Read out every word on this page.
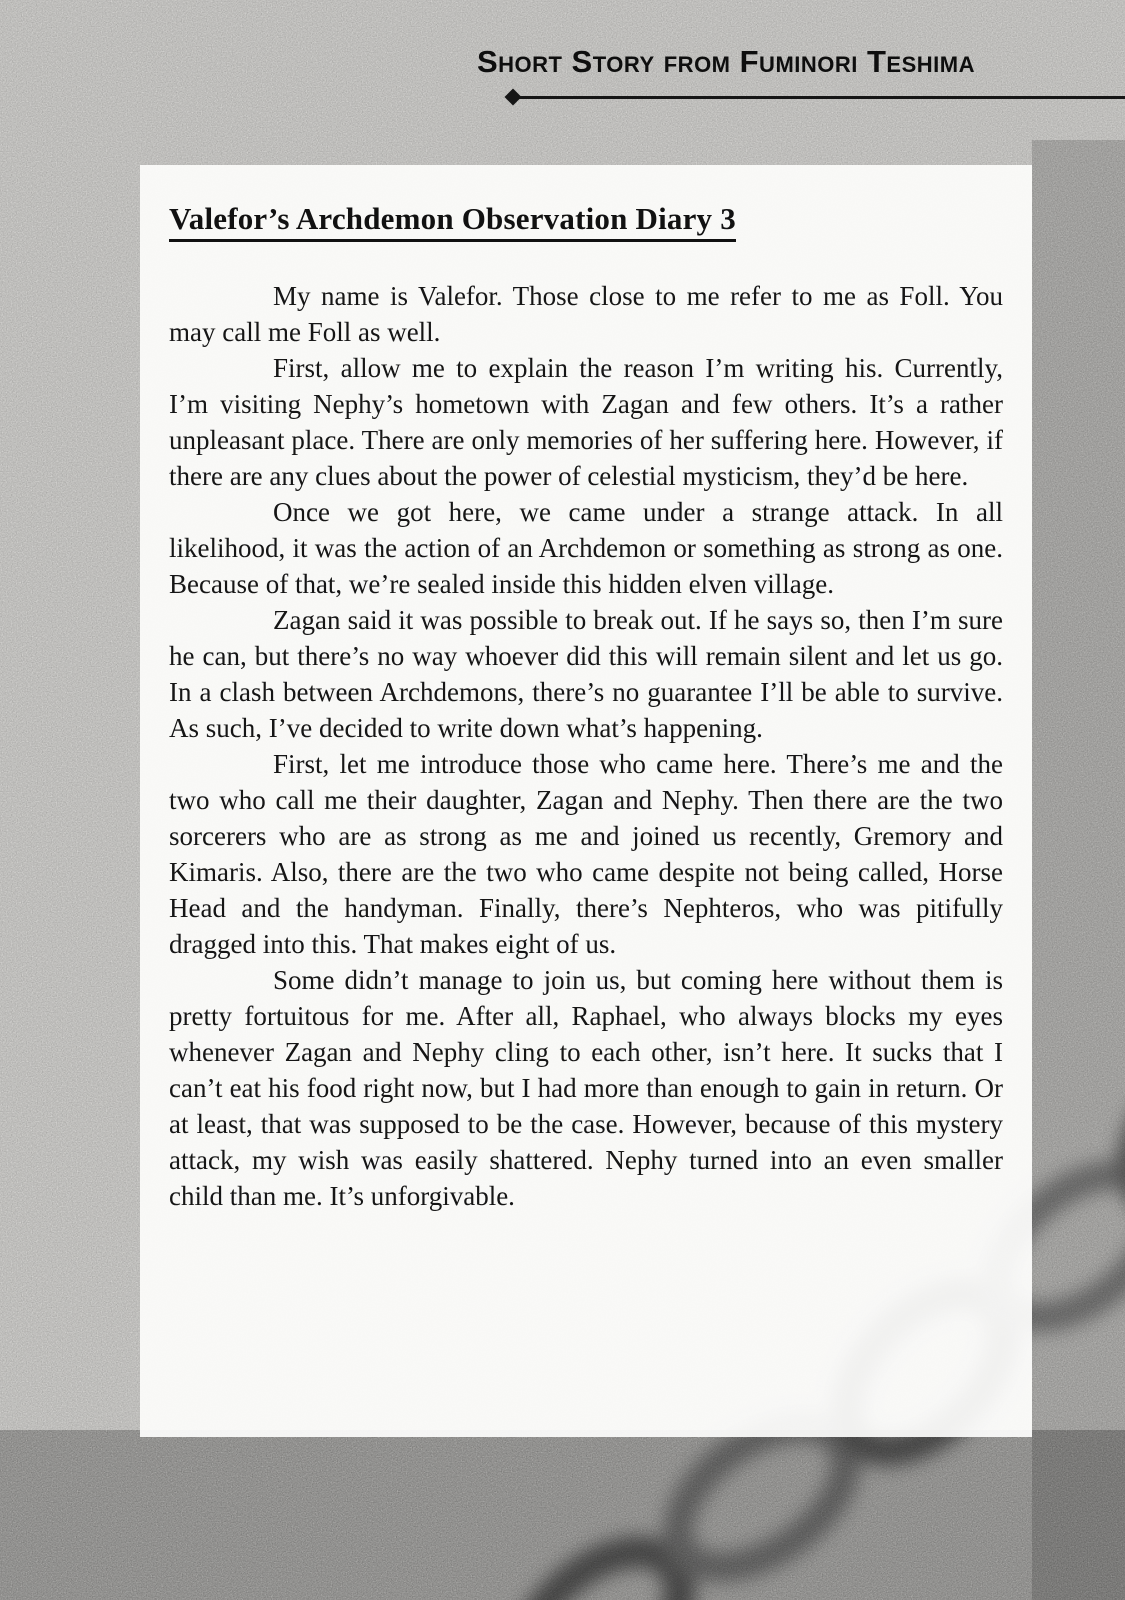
Short Story from Fuminori Teshima
Valefor’s Archdemon Observation Diary 3

My name is Valefor. Those close to me refer to me as Foll. You may call me Foll as well.

First, allow me to explain the reason I’m writing his. Currently, I’m visiting Nephy’s hometown with Zagan and few others. It’s a rather unpleasant place. There are only memories of her suffering here. However, if there are any clues about the power of celestial mysticism, they’d be here.

Once we got here, we came under a strange attack. In all likelihood, it was the action of an Archdemon or something as strong as one. Because of that, we’re sealed inside this hidden elven village.

Zagan said it was possible to break out. If he says so, then I’m sure he can, but there’s no way whoever did this will remain silent and let us go. In a clash between Archdemons, there’s no guarantee I’ll be able to survive. As such, I’ve decided to write down what’s happening.

First, let me introduce those who came here. There’s me and the two who call me their daughter, Zagan and Nephy. Then there are the two sorcerers who are as strong as me and joined us recently, Gremory and Kimaris. Also, there are the two who came despite not being called, Horse Head and the handyman. Finally, there’s Nephteros, who was pitifully dragged into this. That makes eight of us.

Some didn’t manage to join us, but coming here without them is pretty fortuitous for me. After all, Raphael, who always blocks my eyes whenever Zagan and Nephy cling to each other, isn’t here. It sucks that I can’t eat his food right now, but I had more than enough to gain in return. Or at least, that was supposed to be the case. However, because of this mystery attack, my wish was easily shattered. Nephy turned into an even smaller child than me. It’s unforgivable.
